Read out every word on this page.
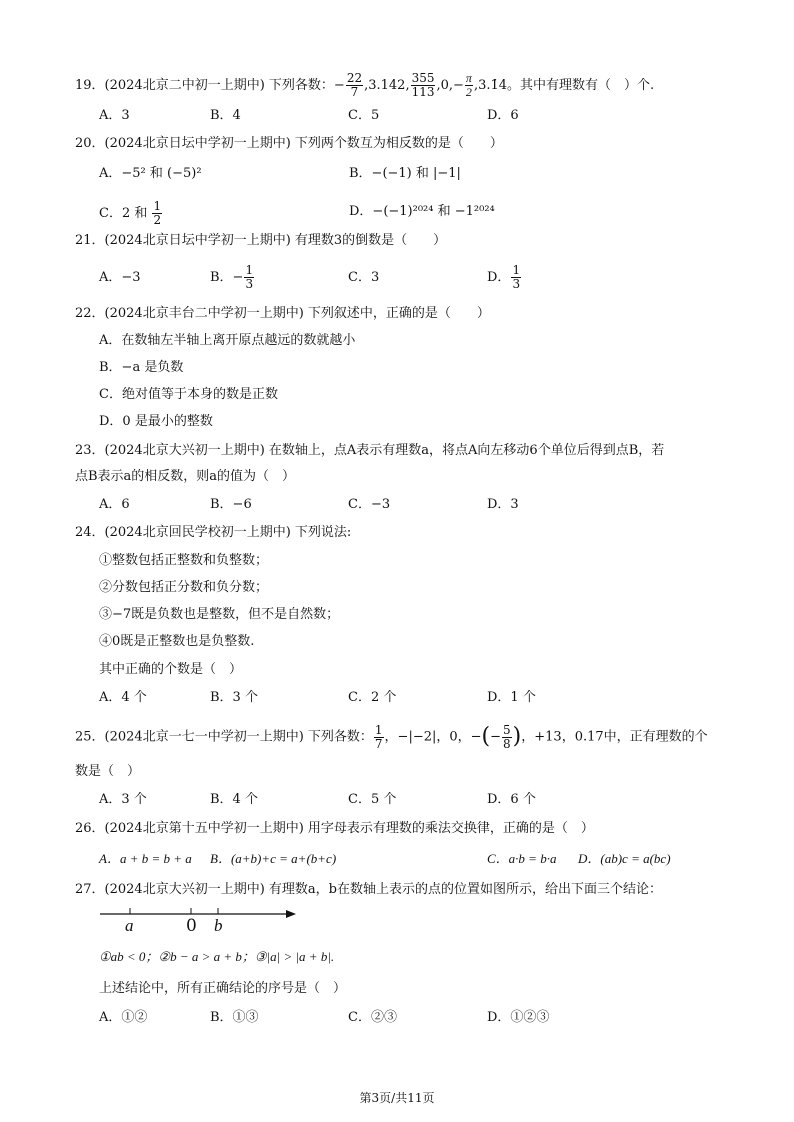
19．(2024北京二中初一上期中) 下列各数：− $\frac{22}{7} ,3.142$, $\frac{355}{113} ,0,- \frac{\pi}{2}$ ,3.1̇4̇。其中有理数有（　）个.
A．3	B．4	C．5	D．6
20．(2024北京日坛中学初一上期中) 下列两个数互为相反数的是（　　）
A．−5² 和 (−5)²	B．−(−1) 和 |−1|
C．2 和 $\frac{1}{2}$	D．−(−1)²⁰²⁴ 和 −1²⁰²⁴
21．(2024北京日坛中学初一上期中) 有理数3的倒数是（　　）
A．−3	B．− $\frac{1}{3}$	C．3	D． $\frac{1}{3}$
22．(2024北京丰台二中学初一上期中) 下列叙述中，正确的是（　　）
A．在数轴左半轴上离开原点越远的数就越小
B．−a 是负数
C．绝对值等于本身的数是正数
D．0 是最小的整数
23．(2024北京大兴初一上期中) 在数轴上，点A表示有理数a，将点A向左移动6个单位后得到点B，若
点B表示a的相反数，则a的值为（　）
A．6	B．−6	C．−3	D．3
24．(2024北京回民学校初一上期中) 下列说法:
①整数包括正整数和负整数；
②分数包括正分数和负分数；
③−7既是负数也是整数，但不是自然数；
④0既是正整数也是负整数.
其中正确的个数是（　）
A．4 个	B．3 个	C．2 个	D．1 个
25．(2024北京一七一中学初一上期中) 下列各数： $\frac{1}{7}$ ，−|−2|，0，−(− $\frac{5}{8}$ )，+13，0.17中，正有理数的个
数是（　）
A．3 个	B．4 个	C．5 个	D．6 个
26．(2024北京第十五中学初一上期中) 用字母表示有理数的乘法交换律，正确的是（　）
A．a + b = b + a B．(a+b)+c = a+(b+c)	C．a·b = b·a D．(ab)c = a(bc)
27．(2024北京大兴初一上期中) 有理数a，b在数轴上表示的点的位置如图所示，给出下面三个结论：
a	0 b
①ab < 0；②b − a > a + b；③|a| > |a + b|.
上述结论中，所有正确结论的序号是（　）
A．①②	B．①③	C．②③	D．①②③
第3页/共11页
